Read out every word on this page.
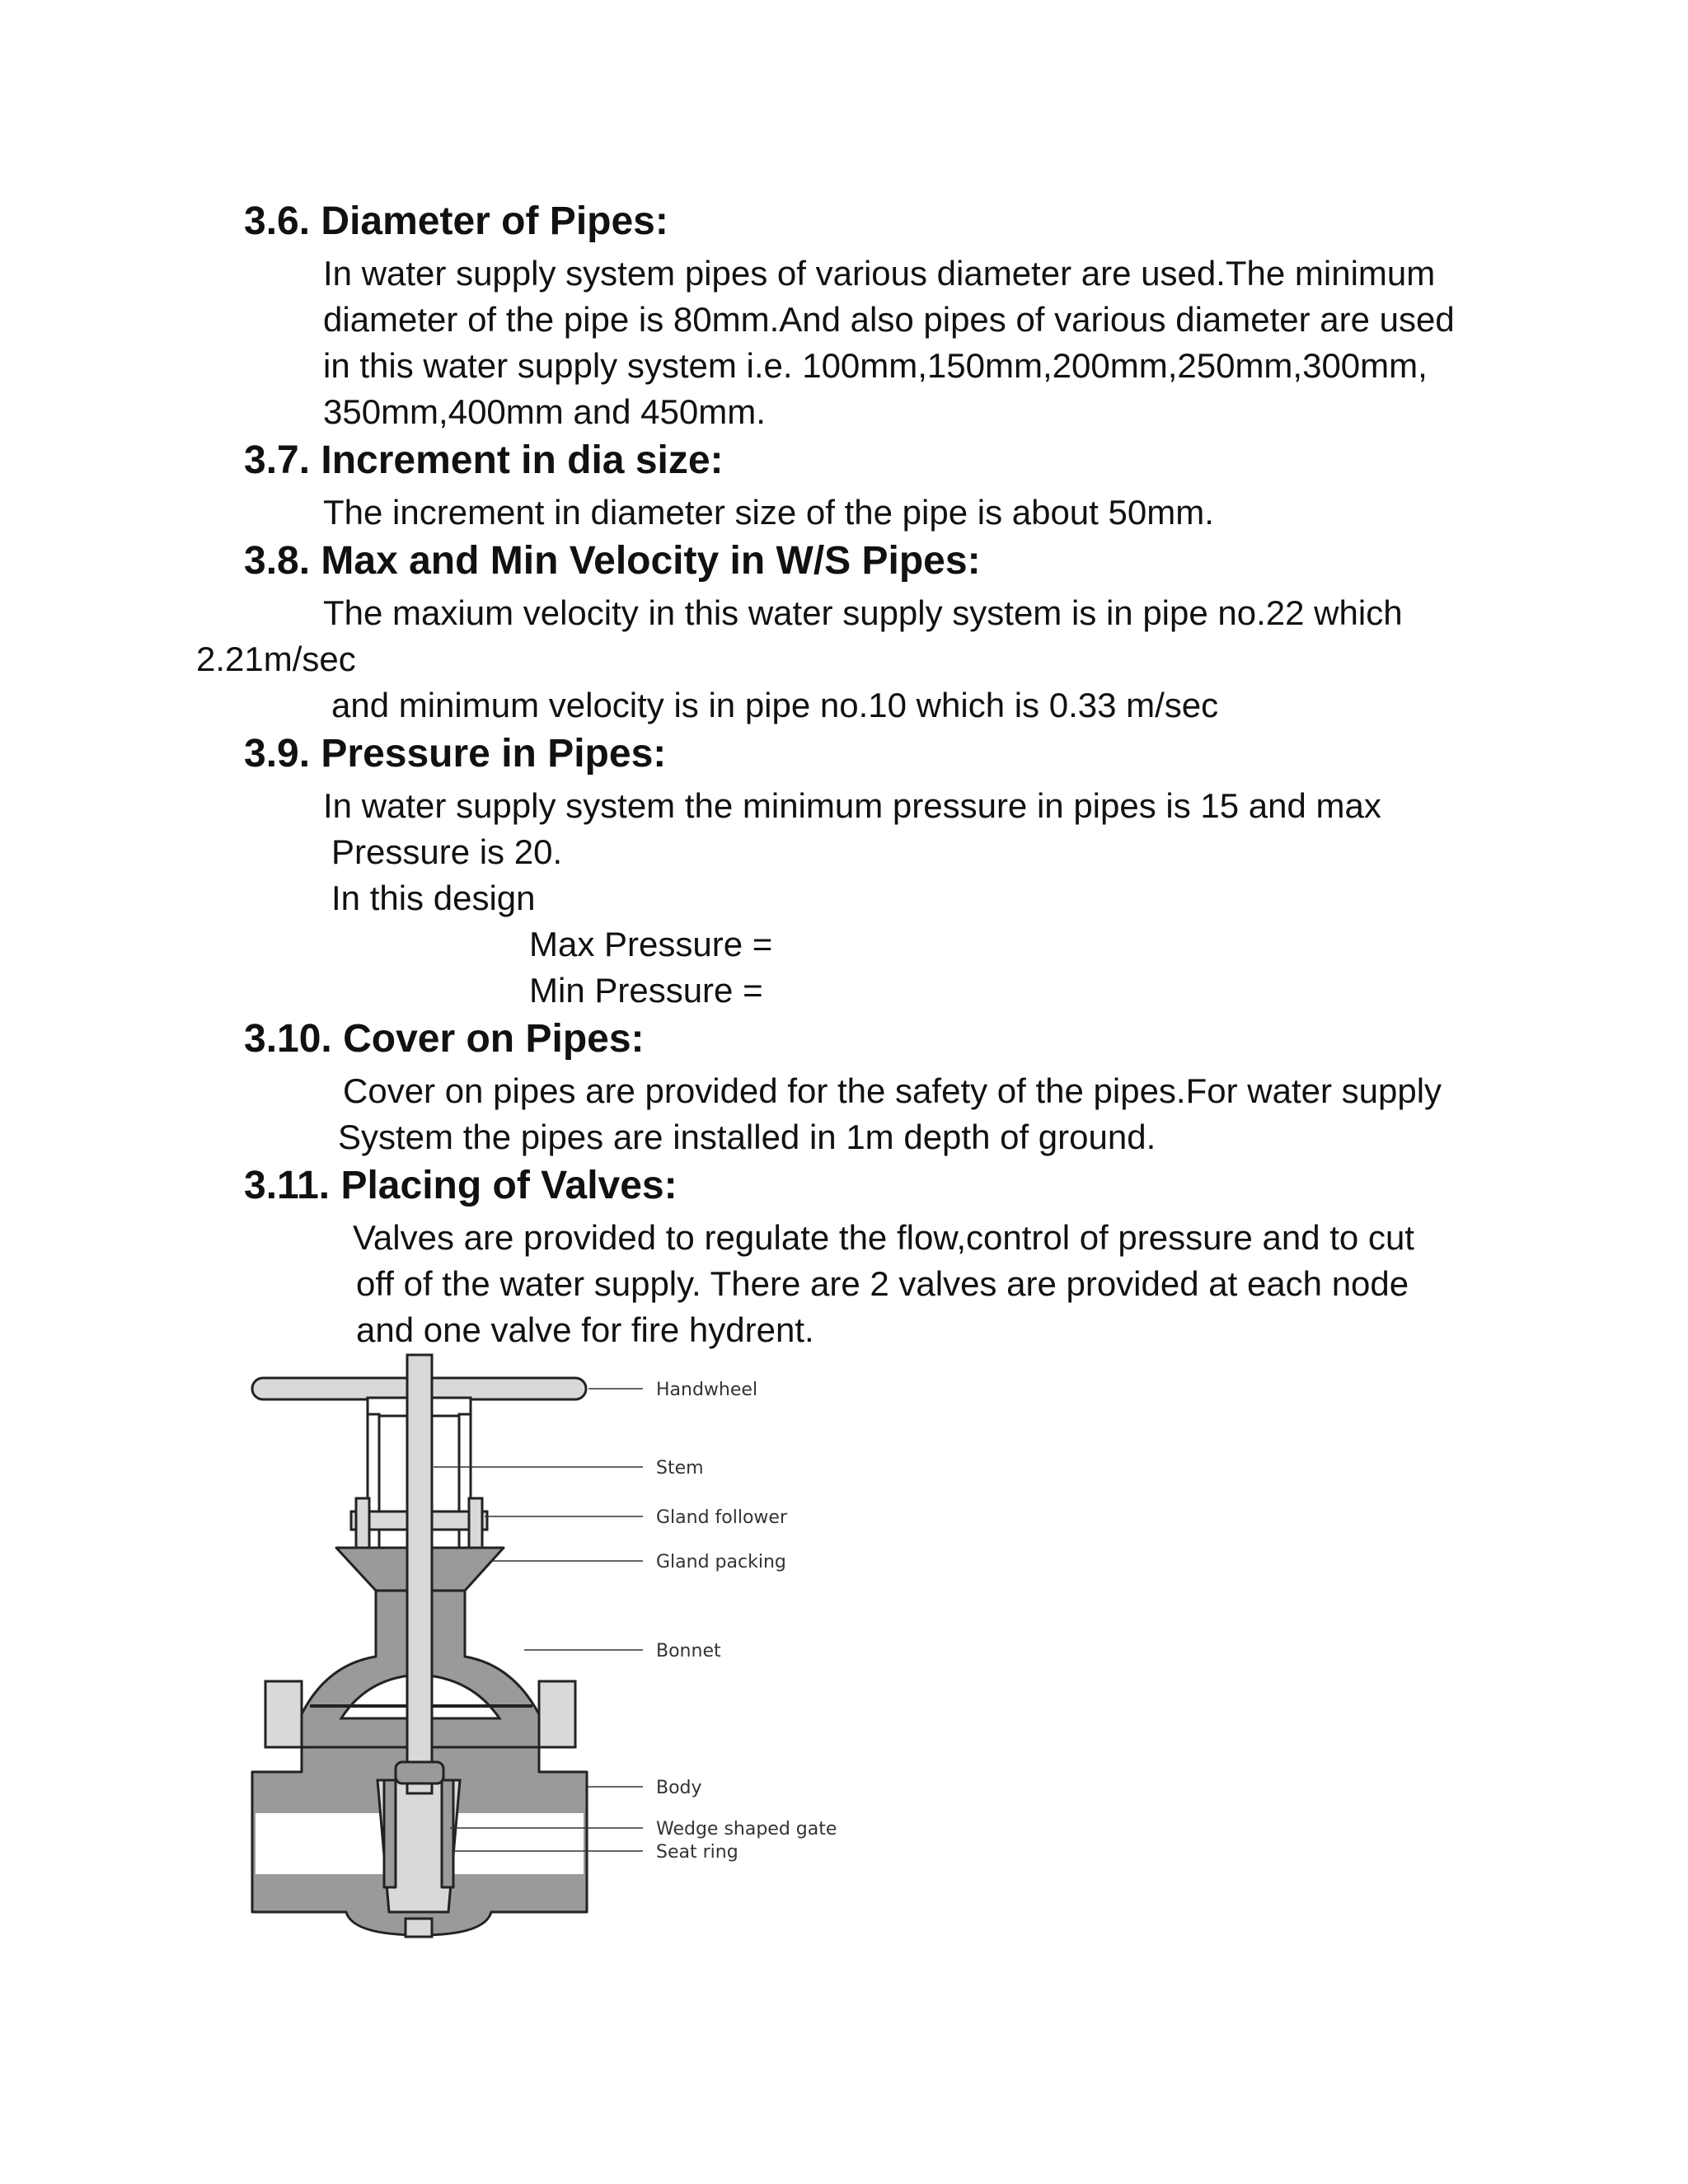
3.6. Diameter of Pipes:
In water supply system pipes of various diameter are used.The minimum
diameter of the pipe is 80mm.And also pipes of various diameter are used
in this water supply system i.e. 100mm,150mm,200mm,250mm,300mm,
350mm,400mm and 450mm.
3.7. Increment in dia size:
The increment in diameter size of the pipe is about 50mm.
3.8. Max and Min Velocity in W/S Pipes:
The maxium velocity in this water supply system is in pipe no.22 which
2.21m/sec
and minimum velocity is in pipe no.10 which is 0.33 m/sec
3.9. Pressure in Pipes:
In water supply system the minimum pressure in pipes is 15 and max
Pressure is 20.
In this design
Max Pressure =
Min Pressure =
3.10. Cover on Pipes:
Cover on pipes are provided for the safety of the pipes.For water supply
System the pipes are installed in 1m depth of ground.
3.11. Placing of Valves:
Valves are provided to regulate the flow,control of pressure and to cut
off of the water supply. There are 2 valves are provided at each node
and one valve for fire hydrent.
Handwheel
Stem
Gland follower
Gland packing
Bonnet
Body
Wedge shaped gate
Seat ring
